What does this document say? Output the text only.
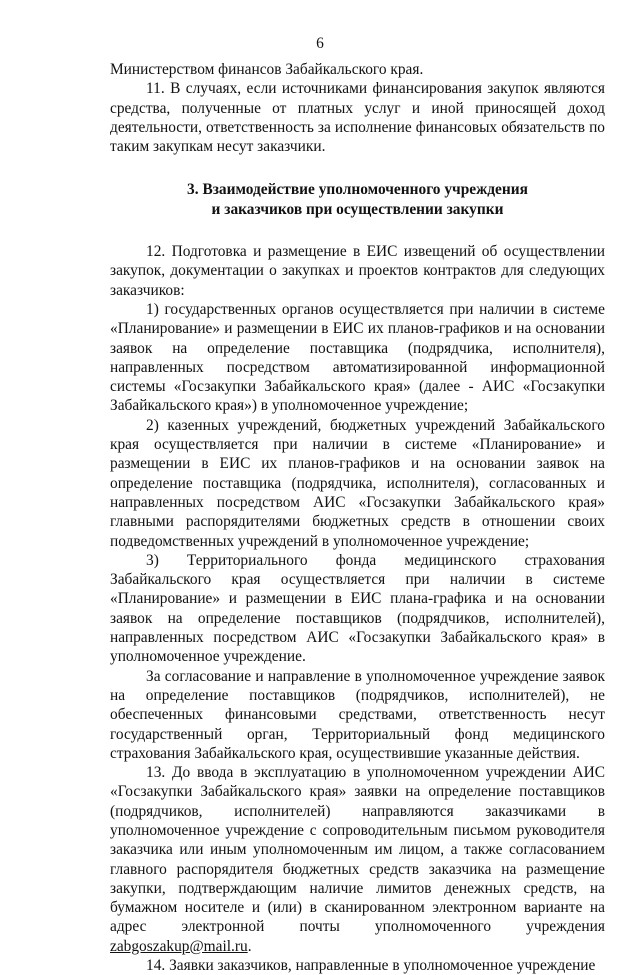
6

Министерством финансов Забайкальского края.

11. В случаях, если источниками финансирования закупок являются средства, полученные от платных услуг и иной приносящей доход деятельности, ответственность за исполнение финансовых обязательств по таким закупкам несут заказчики.

3. Взаимодействие уполномоченного учреждения
и заказчиков при осуществлении закупки

12. Подготовка и размещение в ЕИС извещений об осуществлении закупок, документации о закупках и проектов контрактов для следующих заказчиков:

1) государственных органов осуществляется при наличии в системе «Планирование» и размещении в ЕИС их планов-графиков и на основании заявок на определение поставщика (подрядчика, исполнителя), направленных посредством автоматизированной информационной системы «Госзакупки Забайкальского края» (далее - АИС «Госзакупки Забайкальского края») в уполномоченное учреждение;

2) казенных учреждений, бюджетных учреждений Забайкальского края осуществляется при наличии в системе «Планирование» и размещении в ЕИС их планов-графиков и на основании заявок на определение поставщика (подрядчика, исполнителя), согласованных и направленных посредством АИС «Госзакупки Забайкальского края» главными распорядителями бюджетных средств в отношении своих подведомственных учреждений в уполномоченное учреждение;

3) Территориального фонда медицинского страхования Забайкальского края осуществляется при наличии в системе «Планирование» и размещении в ЕИС плана-графика и на основании заявок на определение поставщиков (подрядчиков, исполнителей), направленных посредством АИС «Госзакупки Забайкальского края» в уполномоченное учреждение.

За согласование и направление в уполномоченное учреждение заявок на определение поставщиков (подрядчиков, исполнителей), не обеспеченных финансовыми средствами, ответственность несут государственный орган, Территориальный фонд медицинского страхования Забайкальского края, осуществившие указанные действия.

13. До ввода в эксплуатацию в уполномоченном учреждении АИС «Госзакупки Забайкальского края» заявки на определение поставщиков (подрядчиков, исполнителей) направляются заказчиками в уполномоченное учреждение с сопроводительным письмом руководителя заказчика или иным уполномоченным им лицом, а также согласованием главного распорядителя бюджетных средств заказчика на размещение закупки, подтверждающим наличие лимитов денежных средств, на бумажном носителе и (или) в сканированном электронном варианте на адрес электронной почты уполномоченного учреждения zabgoszakup@mail.ru.

14. Заявки заказчиков, направленные в уполномоченное учреждение
